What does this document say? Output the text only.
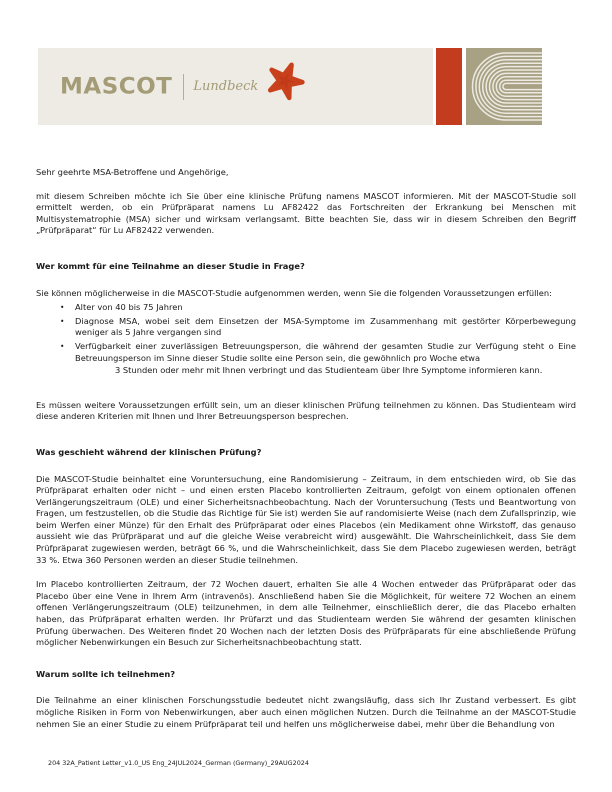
MASCOT Lundbeck

Sehr geehrte MSA-Betroffene und Angehörige,

mit diesem Schreiben möchte ich Sie über eine klinische Prüfung namens MASCOT informieren. Mit der MASCOT-Studie soll ermittelt werden, ob ein Prüfpräparat namens Lu AF82422 das Fortschreiten der Erkrankung bei Menschen mit Multisystematrophie (MSA) sicher und wirksam verlangsamt. Bitte beachten Sie, dass wir in diesem Schreiben den Begriff „Prüfpräparat“ für Lu AF82422 verwenden.

Wer kommt für eine Teilnahme an dieser Studie in Frage?

Sie können möglicherweise in die MASCOT-Studie aufgenommen werden, wenn Sie die folgenden Voraussetzungen erfüllen:

•	Alter von 40 bis 75 Jahren
•	Diagnose MSA, wobei seit dem Einsetzen der MSA-Symptome im Zusammenhang mit gestörter Körperbewegung weniger als 5 Jahre vergangen sind
•	Verfügbarkeit einer zuverlässigen Betreuungsperson, die während der gesamten Studie zur Verfügung steht o Eine Betreuungsperson im Sinne dieser Studie sollte eine Person sein, die gewöhnlich pro Woche etwa
3 Stunden oder mehr mit Ihnen verbringt und das Studienteam über Ihre Symptome informieren kann.

Es müssen weitere Voraussetzungen erfüllt sein, um an dieser klinischen Prüfung teilnehmen zu können. Das Studienteam wird diese anderen Kriterien mit Ihnen und Ihrer Betreuungsperson besprechen.

Was geschieht während der klinischen Prüfung?

Die MASCOT-Studie beinhaltet eine Voruntersuchung, eine Randomisierung – Zeitraum, in dem entschieden wird, ob Sie das Prüfpräparat erhalten oder nicht – und einen ersten Placebo kontrollierten Zeitraum, gefolgt von einem optionalen offenen Verlängerungszeitraum (OLE) und einer Sicherheitsnachbeobachtung. Nach der Voruntersuchung (Tests und Beantwortung von Fragen, um festzustellen, ob die Studie das Richtige für Sie ist) werden Sie auf randomisierte Weise (nach dem Zufallsprinzip, wie beim Werfen einer Münze) für den Erhalt des Prüfpräparat oder eines Placebos (ein Medikament ohne Wirkstoff, das genauso aussieht wie das Prüfpräparat und auf die gleiche Weise verabreicht wird) ausgewählt. Die Wahrscheinlichkeit, dass Sie dem Prüfpräparat zugewiesen werden, beträgt 66 %, und die Wahrscheinlichkeit, dass Sie dem Placebo zugewiesen werden, beträgt 33 %. Etwa 360 Personen werden an dieser Studie teilnehmen.

Im Placebo kontrollierten Zeitraum, der 72 Wochen dauert, erhalten Sie alle 4 Wochen entweder das Prüfpräparat oder das Placebo über eine Vene in Ihrem Arm (intravenös). Anschließend haben Sie die Möglichkeit, für weitere 72 Wochen an einem offenen Verlängerungszeitraum (OLE) teilzunehmen, in dem alle Teilnehmer, einschließlich derer, die das Placebo erhalten haben, das Prüfpräparat erhalten werden. Ihr Prüfarzt und das Studienteam werden Sie während der gesamten klinischen Prüfung überwachen. Des Weiteren findet 20 Wochen nach der letzten Dosis des Prüfpräparats für eine abschließende Prüfung möglicher Nebenwirkungen ein Besuch zur Sicherheitsnachbeobachtung statt.

Warum sollte ich teilnehmen?

Die Teilnahme an einer klinischen Forschungsstudie bedeutet nicht zwangsläufig, dass sich Ihr Zustand verbessert. Es gibt mögliche Risiken in Form von Nebenwirkungen, aber auch einen möglichen Nutzen. Durch die Teilnahme an der MASCOT-Studie nehmen Sie an einer Studie zu einem Prüfpräparat teil und helfen uns möglicherweise dabei, mehr über die Behandlung von

204 32A_Patient Letter_v1.0_US Eng_24JUL2024_German (Germany)_29AUG2024
